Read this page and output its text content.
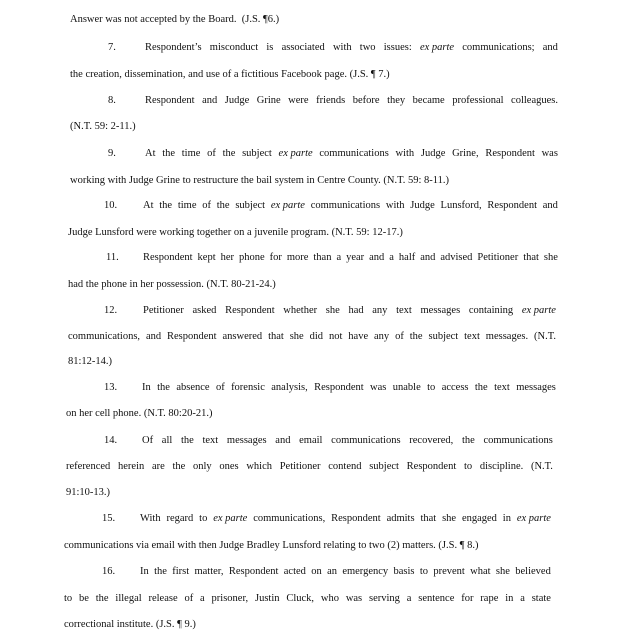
Answer was not accepted by the Board. (J.S. ¶6.)
7.	Respondent’s misconduct is associated with two issues: ex parte communications; and
the creation, dissemination, and use of a fictitious Facebook page. (J.S. ¶ 7.)
8.	Respondent and Judge Grine were friends before they became professional colleagues.
(N.T. 59: 2-11.)
9.	At the time of the subject ex parte communications with Judge Grine, Respondent was
working with Judge Grine to restructure the bail system in Centre County. (N.T. 59: 8-11.)
10. At the time of the subject ex parte communications with Judge Lunsford, Respondent and
Judge Lunsford were working together on a juvenile program. (N.T. 59: 12-17.)
11. Respondent kept her phone for more than a year and a half and advised Petitioner that she
had the phone in her possession. (N.T. 80-21-24.)
12. Petitioner asked Respondent whether she had any text messages containing ex parte
communications, and Respondent answered that she did not have any of the subject text messages. (N.T.
81:12-14.)
13. In the absence of forensic analysis, Respondent was unable to access the text messages
on her cell phone. (N.T. 80:20-21.)
14. Of all the text messages and email communications recovered, the communications
referenced herein are the only ones which Petitioner contend subject Respondent to discipline. (N.T.
91:10-13.)
15. With regard to ex parte communications, Respondent admits that she engaged in ex parte
communications via email with then Judge Bradley Lunsford relating to two (2) matters. (J.S. ¶ 8.)
16. In the first matter, Respondent acted on an emergency basis to prevent what she believed
to be the illegal release of a prisoner, Justin Cluck, who was serving a sentence for rape in a state
correctional institute. (J.S. ¶ 9.)
